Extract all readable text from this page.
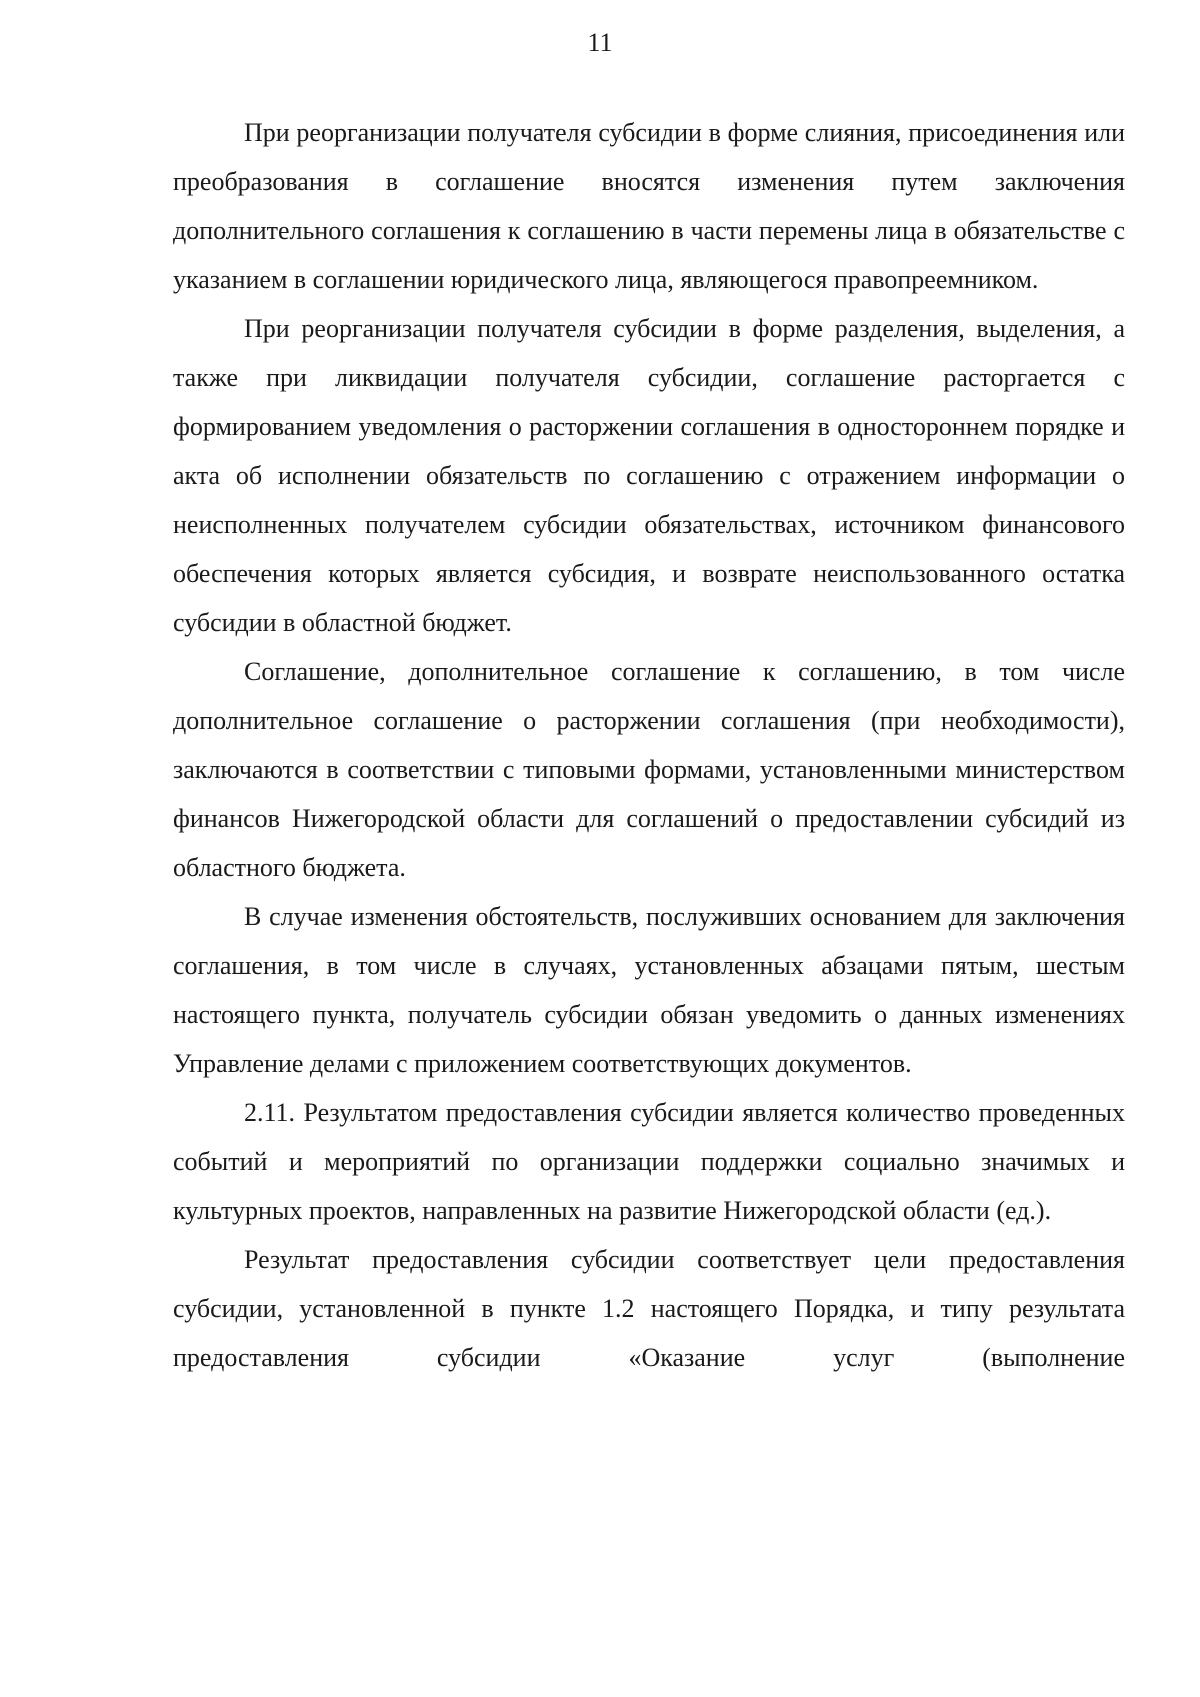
11

При реорганизации получателя субсидии в форме слияния, присоединения или преобразования в соглашение вносятся изменения путем заключения дополнительного соглашения к соглашению в части перемены лица в обязательстве с указанием в соглашении юридического лица, являющегося правопреемником.

При реорганизации получателя субсидии в форме разделения, выделения, а также при ликвидации получателя субсидии, соглашение расторгается с формированием уведомления о расторжении соглашения в одностороннем порядке и акта об исполнении обязательств по соглашению с отражением информации о неисполненных получателем субсидии обязательствах, источником финансового обеспечения которых является субсидия, и возврате неиспользованного остатка субсидии в областной бюджет.

Соглашение, дополнительное соглашение к соглашению, в том числе дополнительное соглашение о расторжении соглашения (при необходимости), заключаются в соответствии с типовыми формами, установленными министерством финансов Нижегородской области для соглашений о предоставлении субсидий из областного бюджета.

В случае изменения обстоятельств, послуживших основанием для заключения соглашения, в том числе в случаях, установленных абзацами пятым, шестым настоящего пункта, получатель субсидии обязан уведомить о данных изменениях Управление делами с приложением соответствующих документов.

2.11. Результатом предоставления субсидии является количество проведенных событий и мероприятий по организации поддержки социально значимых и культурных проектов, направленных на развитие Нижегородской области (ед.).

Результат предоставления субсидии соответствует цели предоставления субсидии, установленной в пункте 1.2 настоящего Порядка, и типу результата предоставления субсидии «Оказание услуг (выполнение
